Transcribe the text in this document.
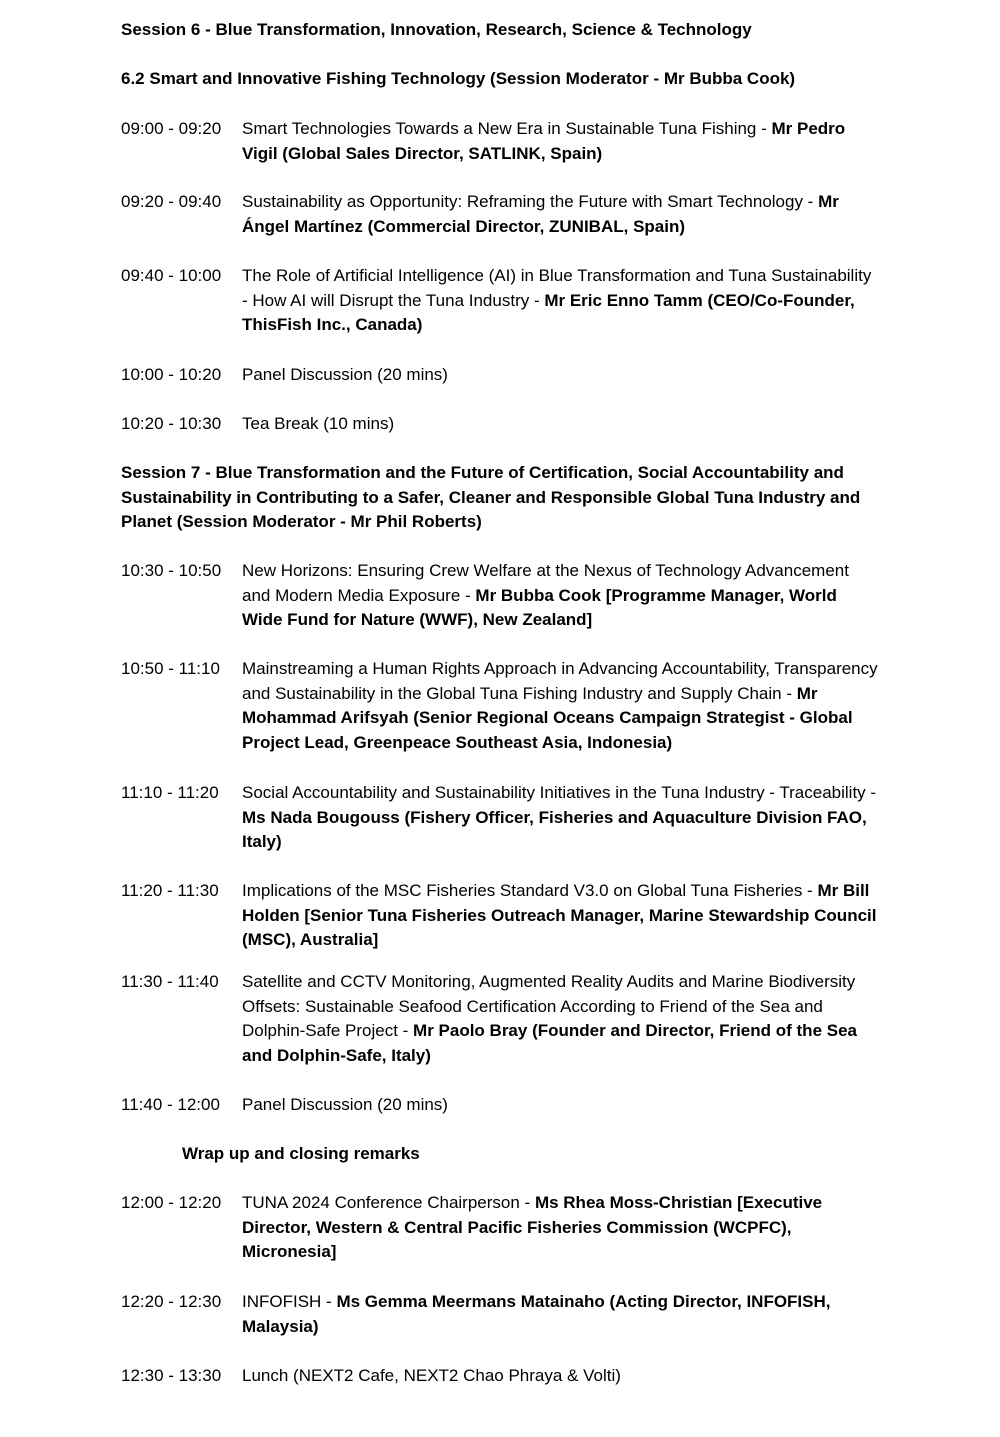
Session 6 - Blue Transformation, Innovation, Research, Science & Technology
6.2 Smart and Innovative Fishing Technology (Session Moderator - Mr Bubba Cook)
09:00 - 09:20	Smart Technologies Towards a New Era in Sustainable Tuna Fishing - Mr Pedro Vigil (Global Sales Director, SATLINK, Spain)
09:20 - 09:40	Sustainability as Opportunity: Reframing the Future with Smart Technology - Mr Ángel Martínez (Commercial Director, ZUNIBAL, Spain)
09:40 - 10:00	The Role of Artificial Intelligence (AI) in Blue Transformation and Tuna Sustainability - How AI will Disrupt the Tuna Industry - Mr Eric Enno Tamm (CEO/Co-Founder, ThisFish Inc., Canada)
10:00 - 10:20	Panel Discussion (20 mins)
10:20 - 10:30	Tea Break (10 mins)
Session 7 - Blue Transformation and the Future of Certification, Social Accountability and Sustainability in Contributing to a Safer, Cleaner and Responsible Global Tuna Industry and Planet (Session Moderator - Mr Phil Roberts)
10:30 - 10:50	New Horizons: Ensuring Crew Welfare at the Nexus of Technology Advancement and Modern Media Exposure - Mr Bubba Cook [Programme Manager, World Wide Fund for Nature (WWF), New Zealand]
10:50 - 11:10	Mainstreaming a Human Rights Approach in Advancing Accountability, Transparency and Sustainability in the Global Tuna Fishing Industry and Supply Chain - Mr Mohammad Arifsyah (Senior Regional Oceans Campaign Strategist - Global Project Lead, Greenpeace Southeast Asia, Indonesia)
11:10 - 11:20	Social Accountability and Sustainability Initiatives in the Tuna Industry - Traceability - Ms Nada Bougouss (Fishery Officer, Fisheries and Aquaculture Division FAO, Italy)
11:20 - 11:30	Implications of the MSC Fisheries Standard V3.0 on Global Tuna Fisheries - Mr Bill Holden [Senior Tuna Fisheries Outreach Manager, Marine Stewardship Council (MSC), Australia]
11:30 - 11:40	Satellite and CCTV Monitoring, Augmented Reality Audits and Marine Biodiversity Offsets: Sustainable Seafood Certification According to Friend of the Sea and Dolphin-Safe Project - Mr Paolo Bray (Founder and Director, Friend of the Sea and Dolphin-Safe, Italy)
11:40 - 12:00	Panel Discussion (20 mins)
Wrap up and closing remarks
12:00 - 12:20	TUNA 2024 Conference Chairperson - Ms Rhea Moss-Christian [Executive Director, Western & Central Pacific Fisheries Commission (WCPFC), Micronesia]
12:20 - 12:30	INFOFISH - Ms Gemma Meermans Matainaho (Acting Director, INFOFISH, Malaysia)
12:30 - 13:30	Lunch (NEXT2 Cafe, NEXT2 Chao Phraya & Volti)
